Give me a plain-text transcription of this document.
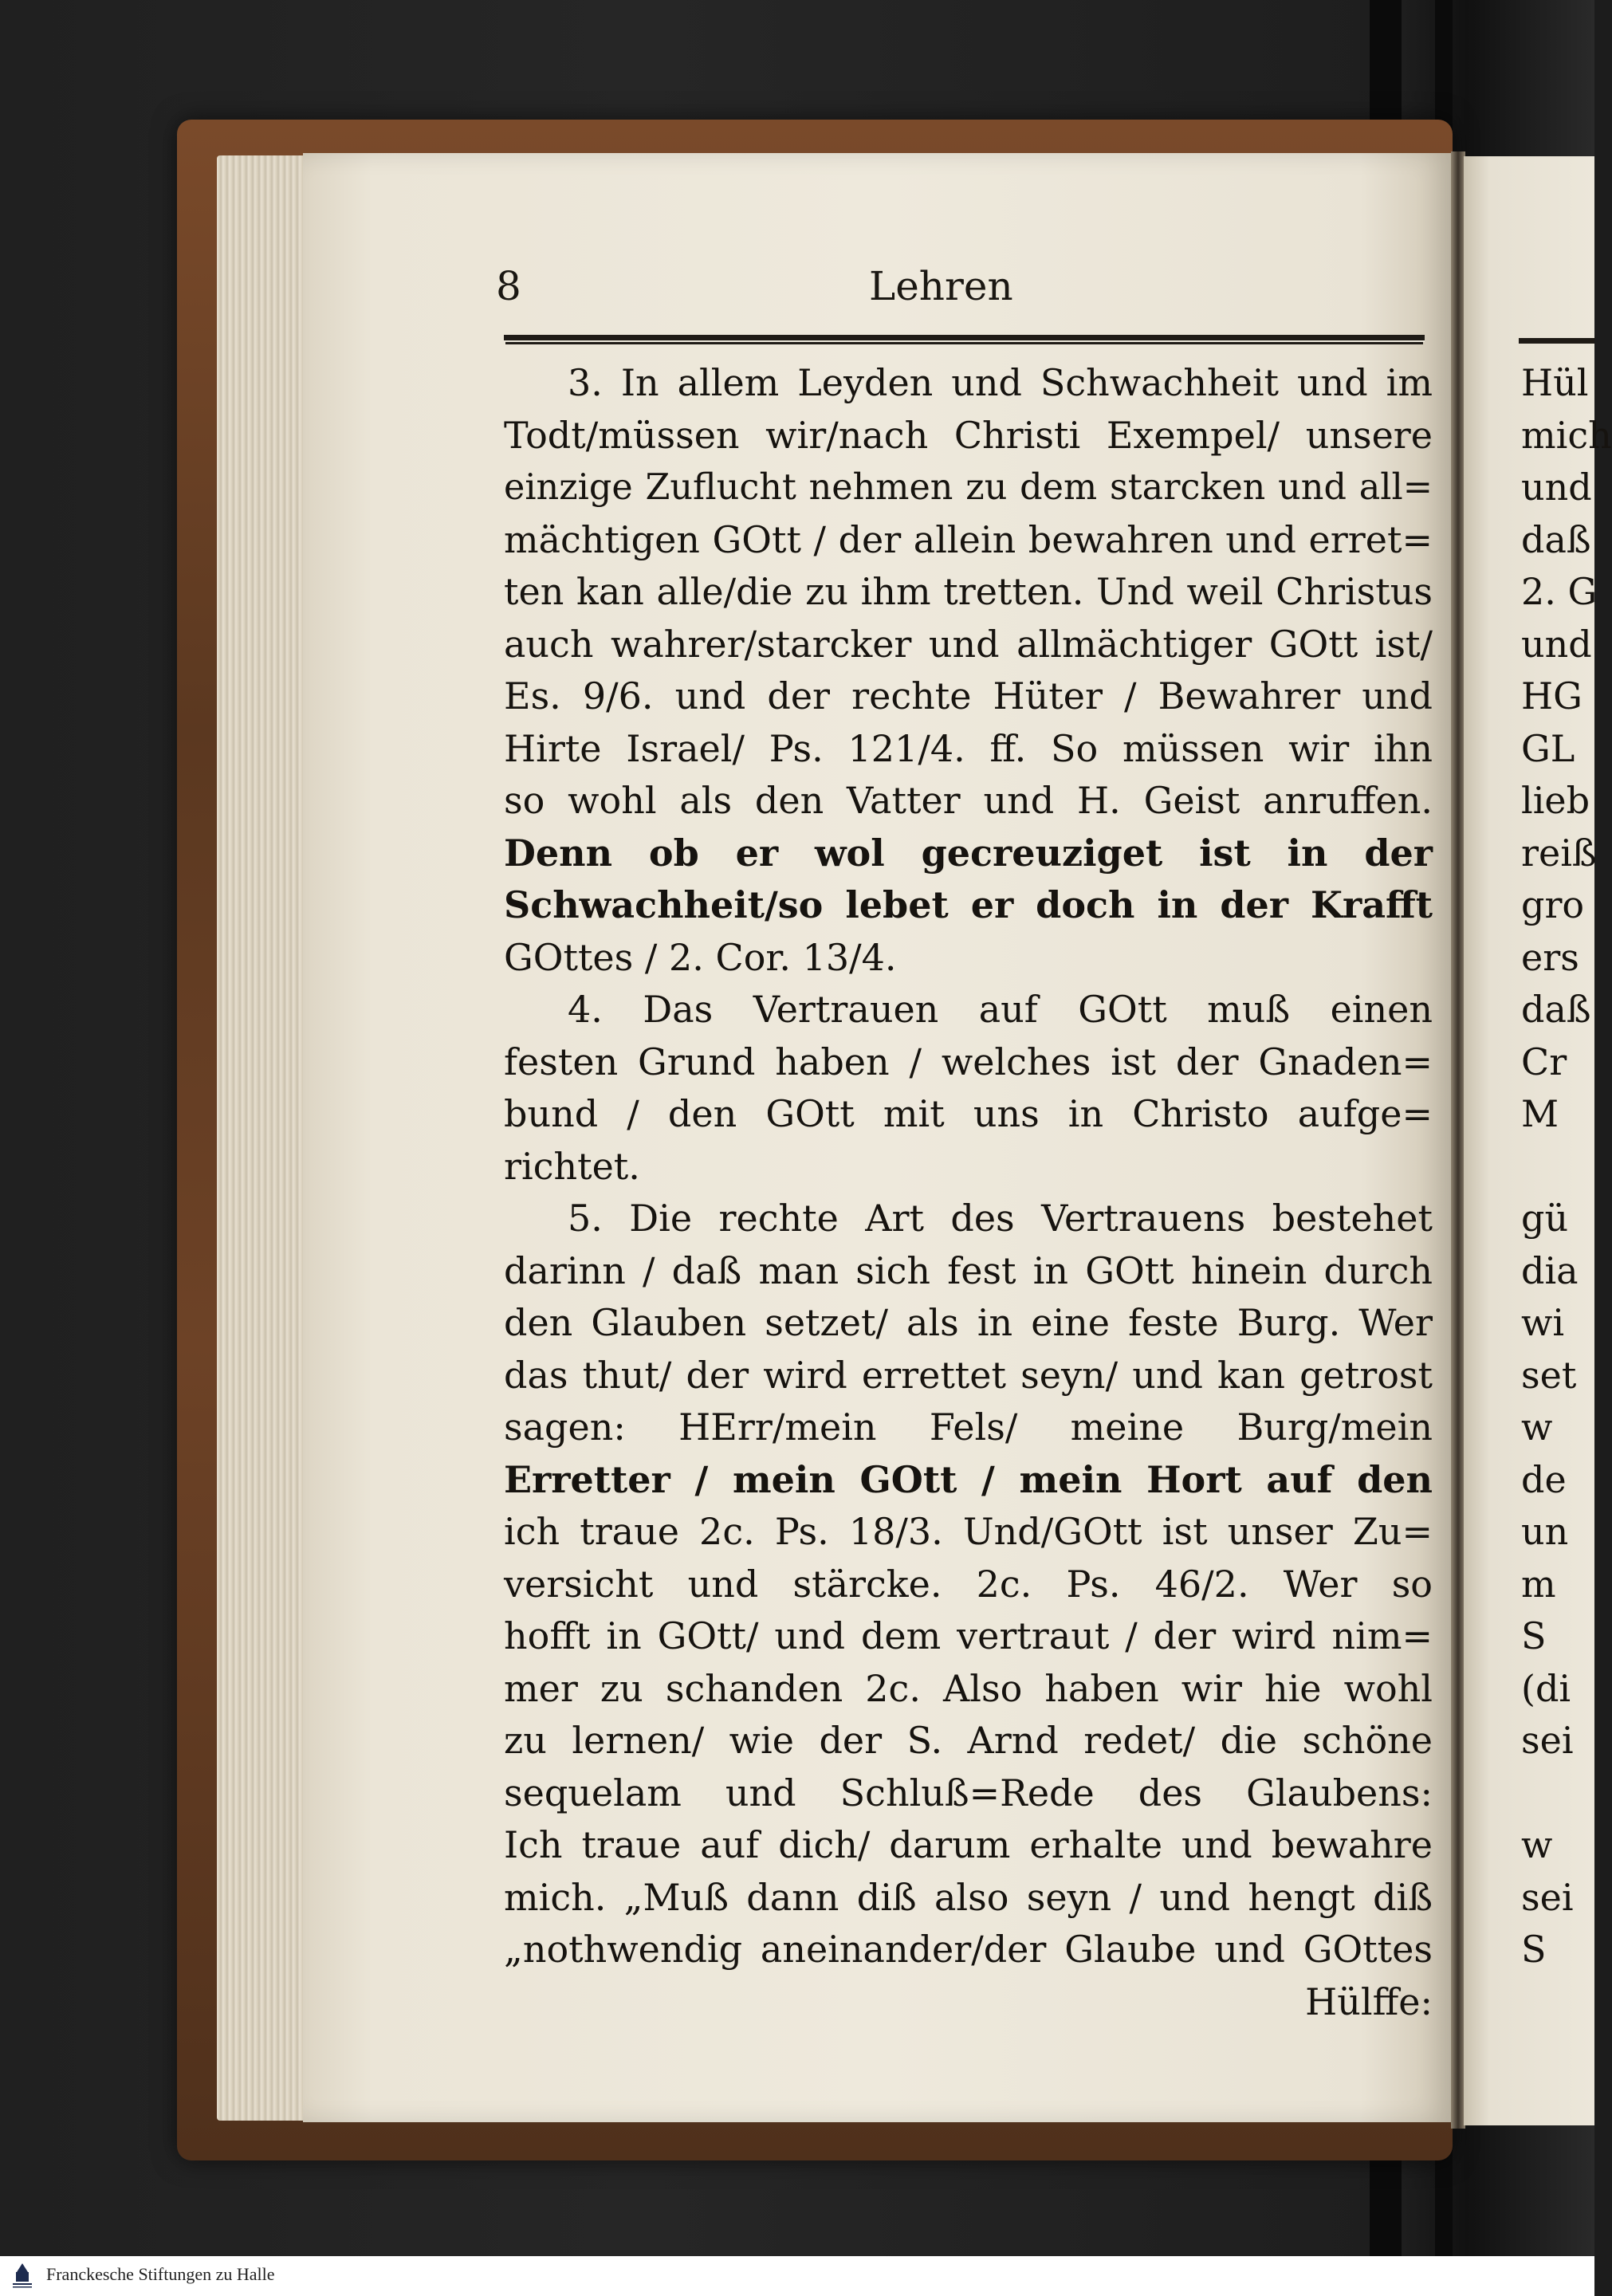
8	Lehren
3. In allem Leyden und Schwachheit und im
Todt/müssen wir/nach Christi Exempel/ unsere
einzige Zuflucht nehmen zu dem starcken und all=
mächtigen GOtt / der allein bewahren und erret=
ten kan alle/die zu ihm tretten. Und weil Christus
auch wahrer/starcker und allmächtiger GOtt ist/
Es. 9/6. und der rechte Hüter / Bewahrer und
Hirte Israel/ Ps. 121/4. ff. So müssen wir ihn
so wohl als den Vatter und H. Geist anruffen.
Denn ob er wol gecreuziget ist in der
Schwachheit/so lebet er doch in der Krafft
GOttes / 2. Cor. 13/4.
4. Das Vertrauen auf GOtt muß einen
festen Grund haben / welches ist der Gnaden=
bund / den GOtt mit uns in Christo aufge=
richtet.
5. Die rechte Art des Vertrauens bestehet
darinn / daß man sich fest in GOtt hinein durch
den Glauben setzet/ als in eine feste Burg. Wer
das thut/ der wird errettet seyn/ und kan getrost
sagen: HErr/mein Fels/ meine Burg/mein
Erretter / mein GOtt / mein Hort auf den
ich traue 2c. Ps. 18/3. Und/GOtt ist unser Zu=
versicht und stärcke. 2c. Ps. 46/2. Wer so
hofft in GOtt/ und dem vertraut / der wird nim=
mer zu schanden 2c. Also haben wir hie wohl
zu lernen/ wie der S. Arnd redet/ die schöne
sequelam und Schluß=Rede des Glaubens:
Ich traue auf dich/ darum erhalte und bewahre
mich. „Muß dann diß also seyn / und hengt diß
„nothwendig aneinander/der Glaube und GOttes
Hülffe:
Hül
mich
und
daß
2. G
und
HG
GL
lieb
reiß
gro
ers
daß
Cr
M
gü
dia
wi
set
w
de
un
m
S
(di
sei
w
sei
S
Franckesche Stiftungen zu Halle
